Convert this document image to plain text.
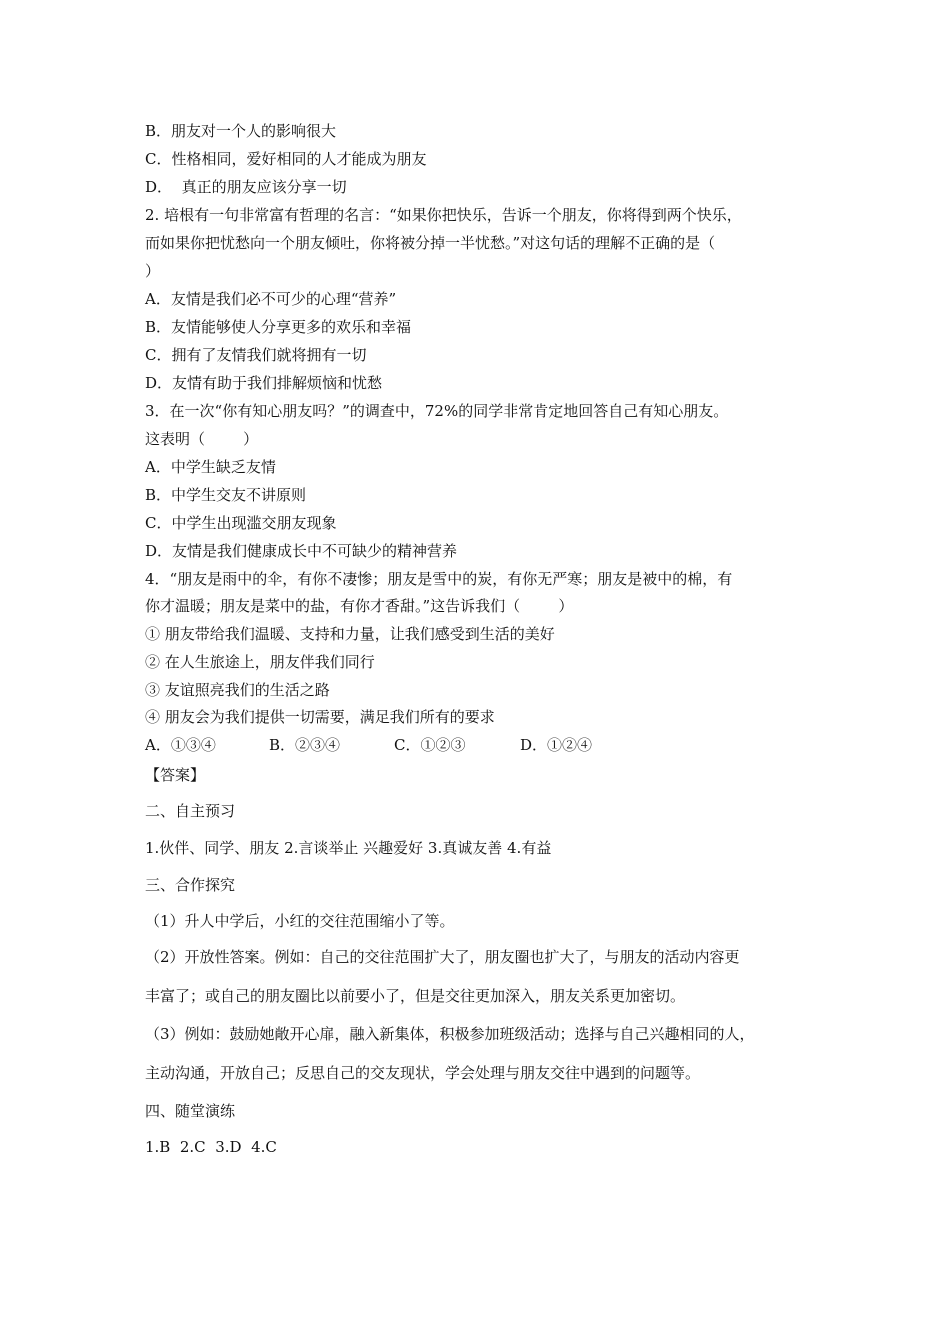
B．朋友对一个人的影响很大
C．性格相同，爱好相同的人才能成为朋友
D．  真正的朋友应该分享一切
2. 培根有一句非常富有哲理的名言：“如果你把快乐，告诉一个朋友，你将得到两个快乐，
而如果你把忧愁向一个朋友倾吐，你将被分掉一半忧愁。”对这句话的理解不正确的是（
）
A．友情是我们必不可少的心理“营养”
B．友情能够使人分享更多的欢乐和幸福
C．拥有了友情我们就将拥有一切
D．友情有助于我们排解烦恼和忧愁
3．在一次“你有知心朋友吗？”的调查中，72%的同学非常肯定地回答自己有知心朋友。
这表明（        ）
A．中学生缺乏友情
B．中学生交友不讲原则
C．中学生出现滥交朋友现象
D．友情是我们健康成长中不可缺少的精神营养
4．“朋友是雨中的伞，有你不凄惨；朋友是雪中的炭，有你无严寒；朋友是被中的棉，有
你才温暖；朋友是菜中的盐，有你才香甜。”这告诉我们（        ）
① 朋友带给我们温暖、支持和力量，让我们感受到生活的美好
② 在人生旅途上，朋友伴我们同行
③ 友谊照亮我们的生活之路
④ 朋友会为我们提供一切需要，满足我们所有的要求
A．①③④	B．②③④	C．①②③	D．①②④
【答案】
二、自主预习
1.伙伴、同学、朋友 2.言谈举止 兴趣爱好 3.真诚友善 4.有益
三、合作探究
（1）升人中学后，小红的交往范围缩小了等。
（2）开放性答案。例如：自己的交往范围扩大了，朋友圈也扩大了，与朋友的活动内容更
丰富了；或自己的朋友圈比以前要小了，但是交往更加深入，朋友关系更加密切。
（3）例如：鼓励她敞开心扉，融入新集体，积极参加班级活动；选择与自己兴趣相同的人，
主动沟通，开放自己；反思自己的交友现状，学会处理与朋友交往中遇到的问题等。
四、随堂演练
1.B  2.C  3.D  4.C
